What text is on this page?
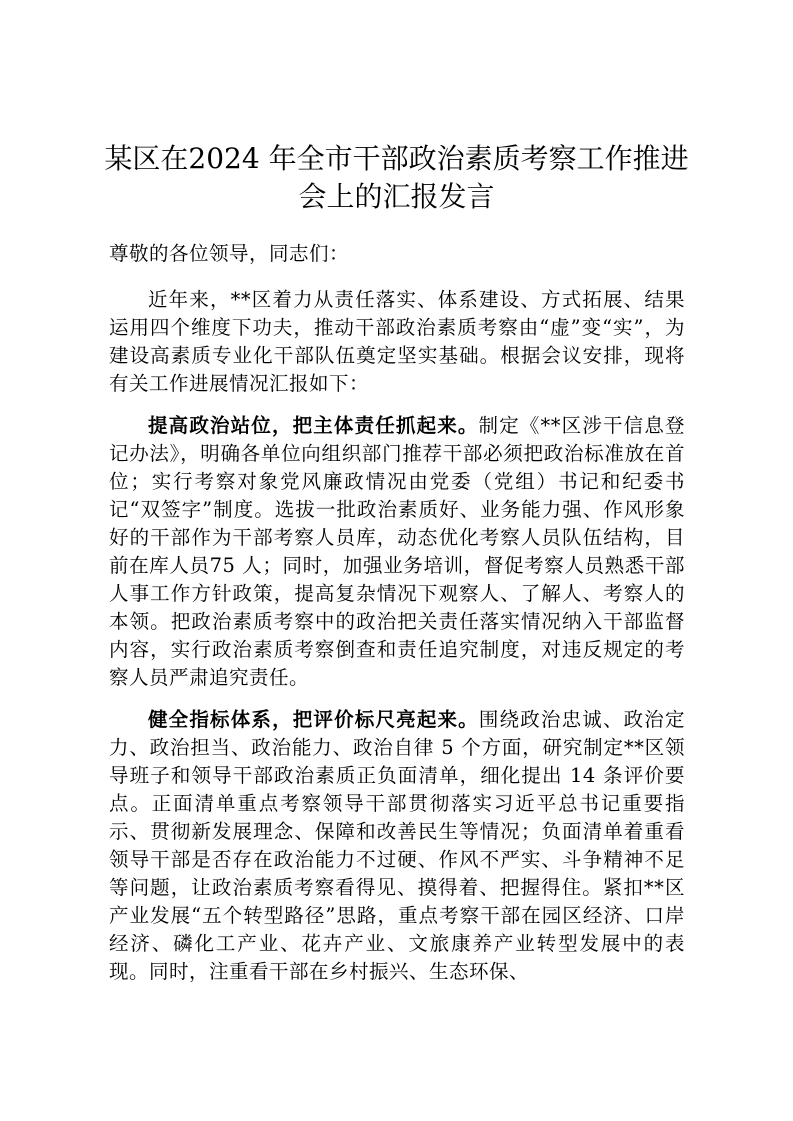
某区在2024 年全市干部政治素质考察工作推进会上的汇报发言

尊敬的各位领导，同志们：

近年来，**区着力从责任落实、体系建设、方式拓展、结果运用四个维度下功夫，推动干部政治素质考察由“虚”变“实”，为建设高素质专业化干部队伍奠定坚实基础。根据会议安排，现将有关工作进展情况汇报如下：

提高政治站位，把主体责任抓起来。制定《**区涉干信息登记办法》，明确各单位向组织部门推荐干部必须把政治标准放在首位；实行考察对象党风廉政情况由党委（党组）书记和纪委书记“双签字”制度。选拔一批政治素质好、业务能力强、作风形象好的干部作为干部考察人员库，动态优化考察人员队伍结构，目前在库人员75 人；同时，加强业务培训，督促考察人员熟悉干部人事工作方针政策，提高复杂情况下观察人、了解人、考察人的本领。把政治素质考察中的政治把关责任落实情况纳入干部监督内容，实行政治素质考察倒查和责任追究制度，对违反规定的考察人员严肃追究责任。

健全指标体系，把评价标尺亮起来。围绕政治忠诚、政治定力、政治担当、政治能力、政治自律 5 个方面，研究制定**区领导班子和领导干部政治素质正负面清单，细化提出 14 条评价要点。正面清单重点考察领导干部贯彻落实习近平总书记重要指示、贯彻新发展理念、保障和改善民生等情况；负面清单着重看领导干部是否存在政治能力不过硬、作风不严实、斗争精神不足等问题，让政治素质考察看得见、摸得着、把握得住。紧扣**区产业发展“五个转型路径”思路，重点考察干部在园区经济、口岸经济、磷化工产业、花卉产业、文旅康养产业转型发展中的表现。同时，注重看干部在乡村振兴、生态环保、
